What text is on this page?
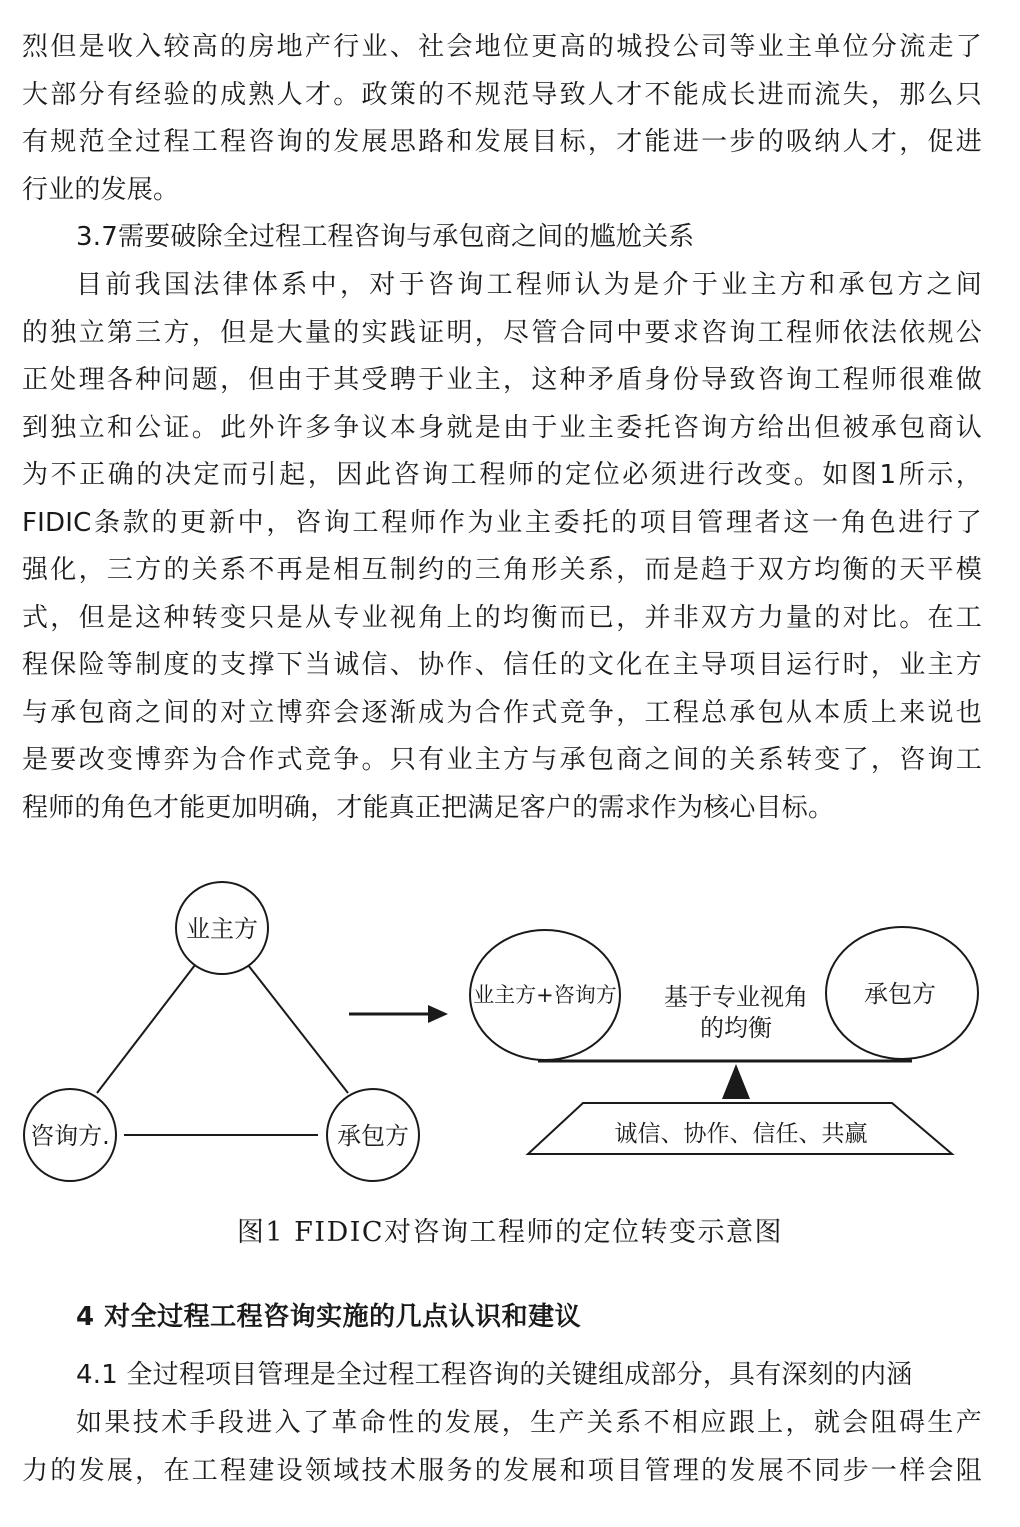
烈但是收入较高的房地产行业、社会地位更高的城投公司等业主单位分流走了
大部分有经验的成熟人才。政策的不规范导致人才不能成长进而流失，那么只
有规范全过程工程咨询的发展思路和发展目标，才能进一步的吸纳人才，促进
行业的发展。
3.7需要破除全过程工程咨询与承包商之间的尴尬关系
目前我国法律体系中，对于咨询工程师认为是介于业主方和承包方之间
的独立第三方，但是大量的实践证明，尽管合同中要求咨询工程师依法依规公
正处理各种问题，但由于其受聘于业主，这种矛盾身份导致咨询工程师很难做
到独立和公证。此外许多争议本身就是由于业主委托咨询方给出但被承包商认
为不正确的决定而引起，因此咨询工程师的定位必须进行改变。如图1所示，
FIDIC条款的更新中，咨询工程师作为业主委托的项目管理者这一角色进行了
强化，三方的关系不再是相互制约的三角形关系，而是趋于双方均衡的天平模
式，但是这种转变只是从专业视角上的均衡而已，并非双方力量的对比。在工
程保险等制度的支撑下当诚信、协作、信任的文化在主导项目运行时，业主方
与承包商之间的对立博弈会逐渐成为合作式竞争，工程总承包从本质上来说也
是要改变博弈为合作式竞争。只有业主方与承包商之间的关系转变了，咨询工
程师的角色才能更加明确，才能真正把满足客户的需求作为核心目标。
业主方
咨询方.	承包方
业主方+咨询方	承包方
基于专业视角
的均衡
诚信、协作、信任、共赢
图1 FIDIC对咨询工程师的定位转变示意图
4 对全过程工程咨询实施的几点认识和建议
4.1 全过程项目管理是全过程工程咨询的关键组成部分，具有深刻的内涵
如果技术手段进入了革命性的发展，生产关系不相应跟上，就会阻碍生产
力的发展，在工程建设领域技术服务的发展和项目管理的发展不同步一样会阻
